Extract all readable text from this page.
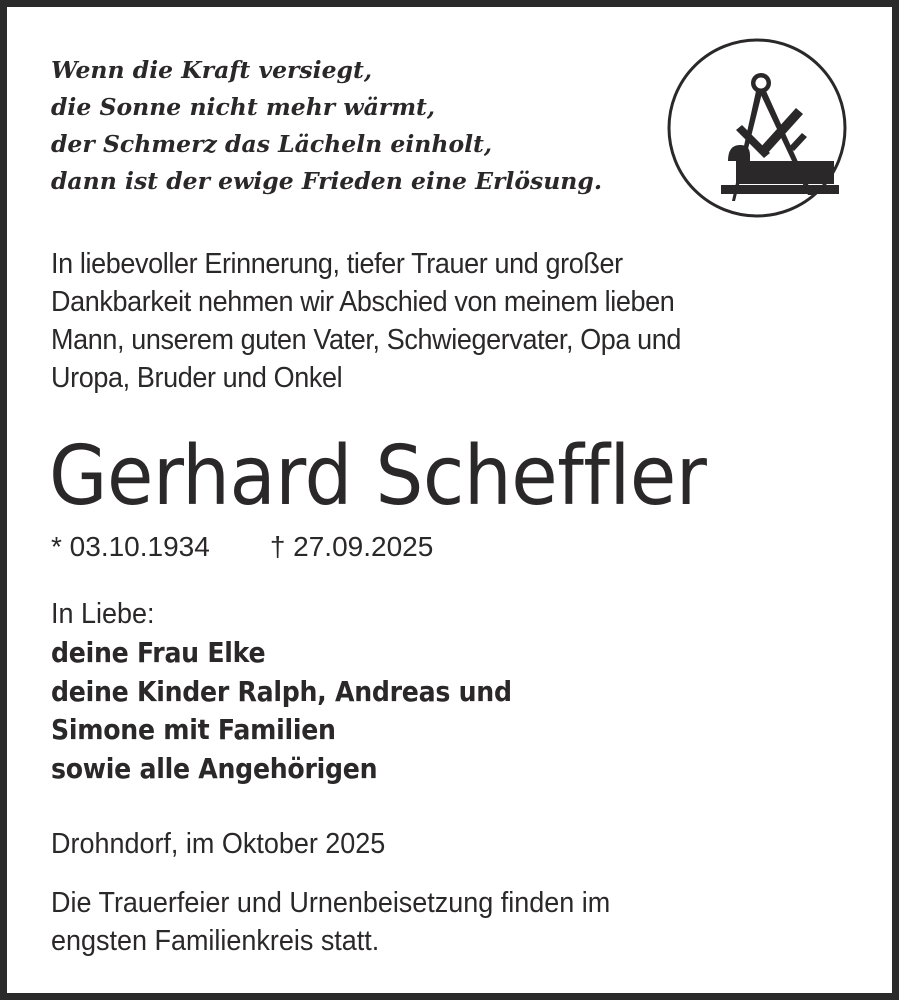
Wenn die Kraft versiegt,
die Sonne nicht mehr wärmt,
der Schmerz das Lächeln einholt,
dann ist der ewige Frieden eine Erlösung.
In liebevoller Erinnerung, tiefer Trauer und großer
Dankbarkeit nehmen wir Abschied von meinem lieben
Mann, unserem guten Vater, Schwiegervater, Opa und
Uropa, Bruder und Onkel
Gerhard Scheffler
* 03.10.1934 † 27.09.2025
In Liebe:
deine Frau Elke
deine Kinder Ralph, Andreas und
Simone mit Familien
sowie alle Angehörigen
Drohndorf, im Oktober 2025
Die Trauerfeier und Urnenbeisetzung finden im
engsten Familienkreis statt.
